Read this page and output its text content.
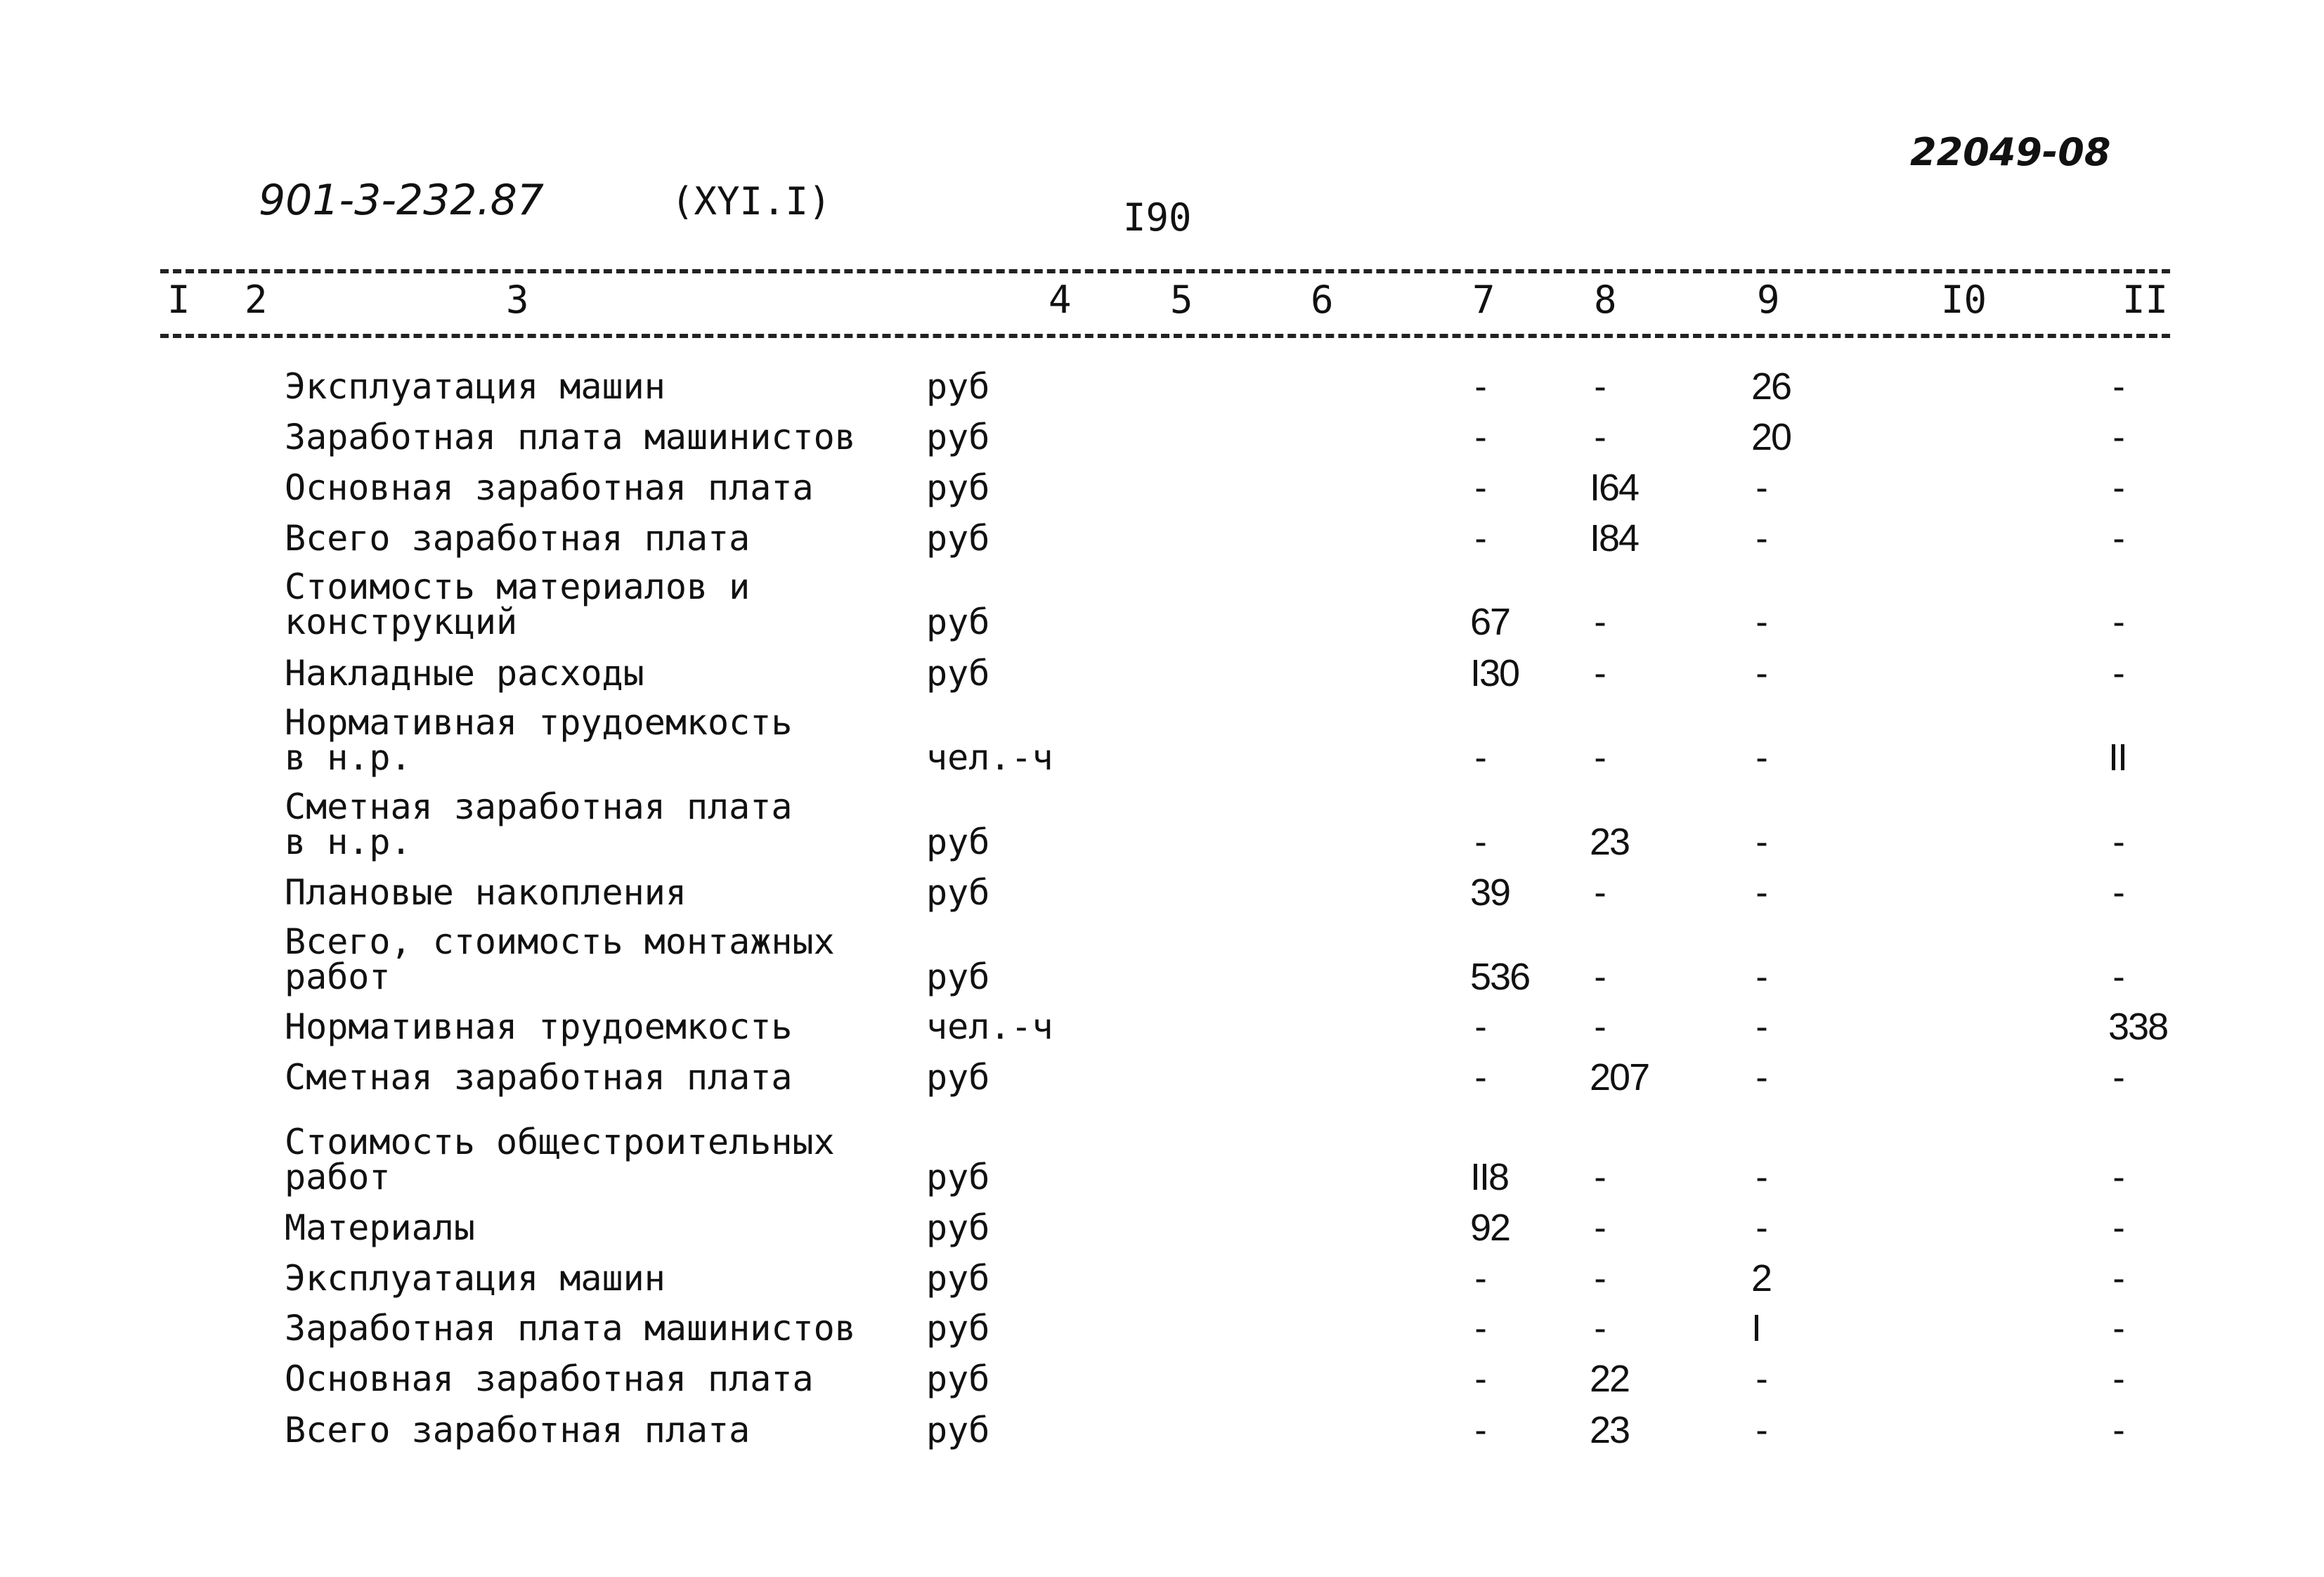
901-3-232.87	(XYI.I)	I90
22049-08
I 2	3	4	5	6	7	8	9	I0	II
Эксплуатация машин	руб	-	-	26	-
Заработная плата машинистов руб	-	-	20	-
Основная заработная плата	руб	-	I64	-	-
Всего заработная плата	руб	-	I84	-	-
Стоимость материалов и
конструкций	руб	67 -	-	-
Накладные расходы	руб	I30 -	-	-
Нормативная трудоемкость
в н.р.	чел.-ч	-	-	-	II
Сметная заработная плата
в н.р.	руб	-	23	-	-
Плановые накопления	руб	39 -	-	-
Всего, стоимость монтажных
работ	руб	536 -	-	-
Нормативная трудоемкость	чел.-ч	-	-	-	338
Сметная заработная плата	руб	-	207	-	-
Стоимость общестроительных
работ	руб	II8 -	-	-
Материалы	руб	92 -	-	-
Эксплуатация машин	руб	-	-	2	-
Заработная плата машинистов руб	-	-	I	-
Основная заработная плата	руб	-	22	-	-
Всего заработная плата	руб	-	23	-	-
